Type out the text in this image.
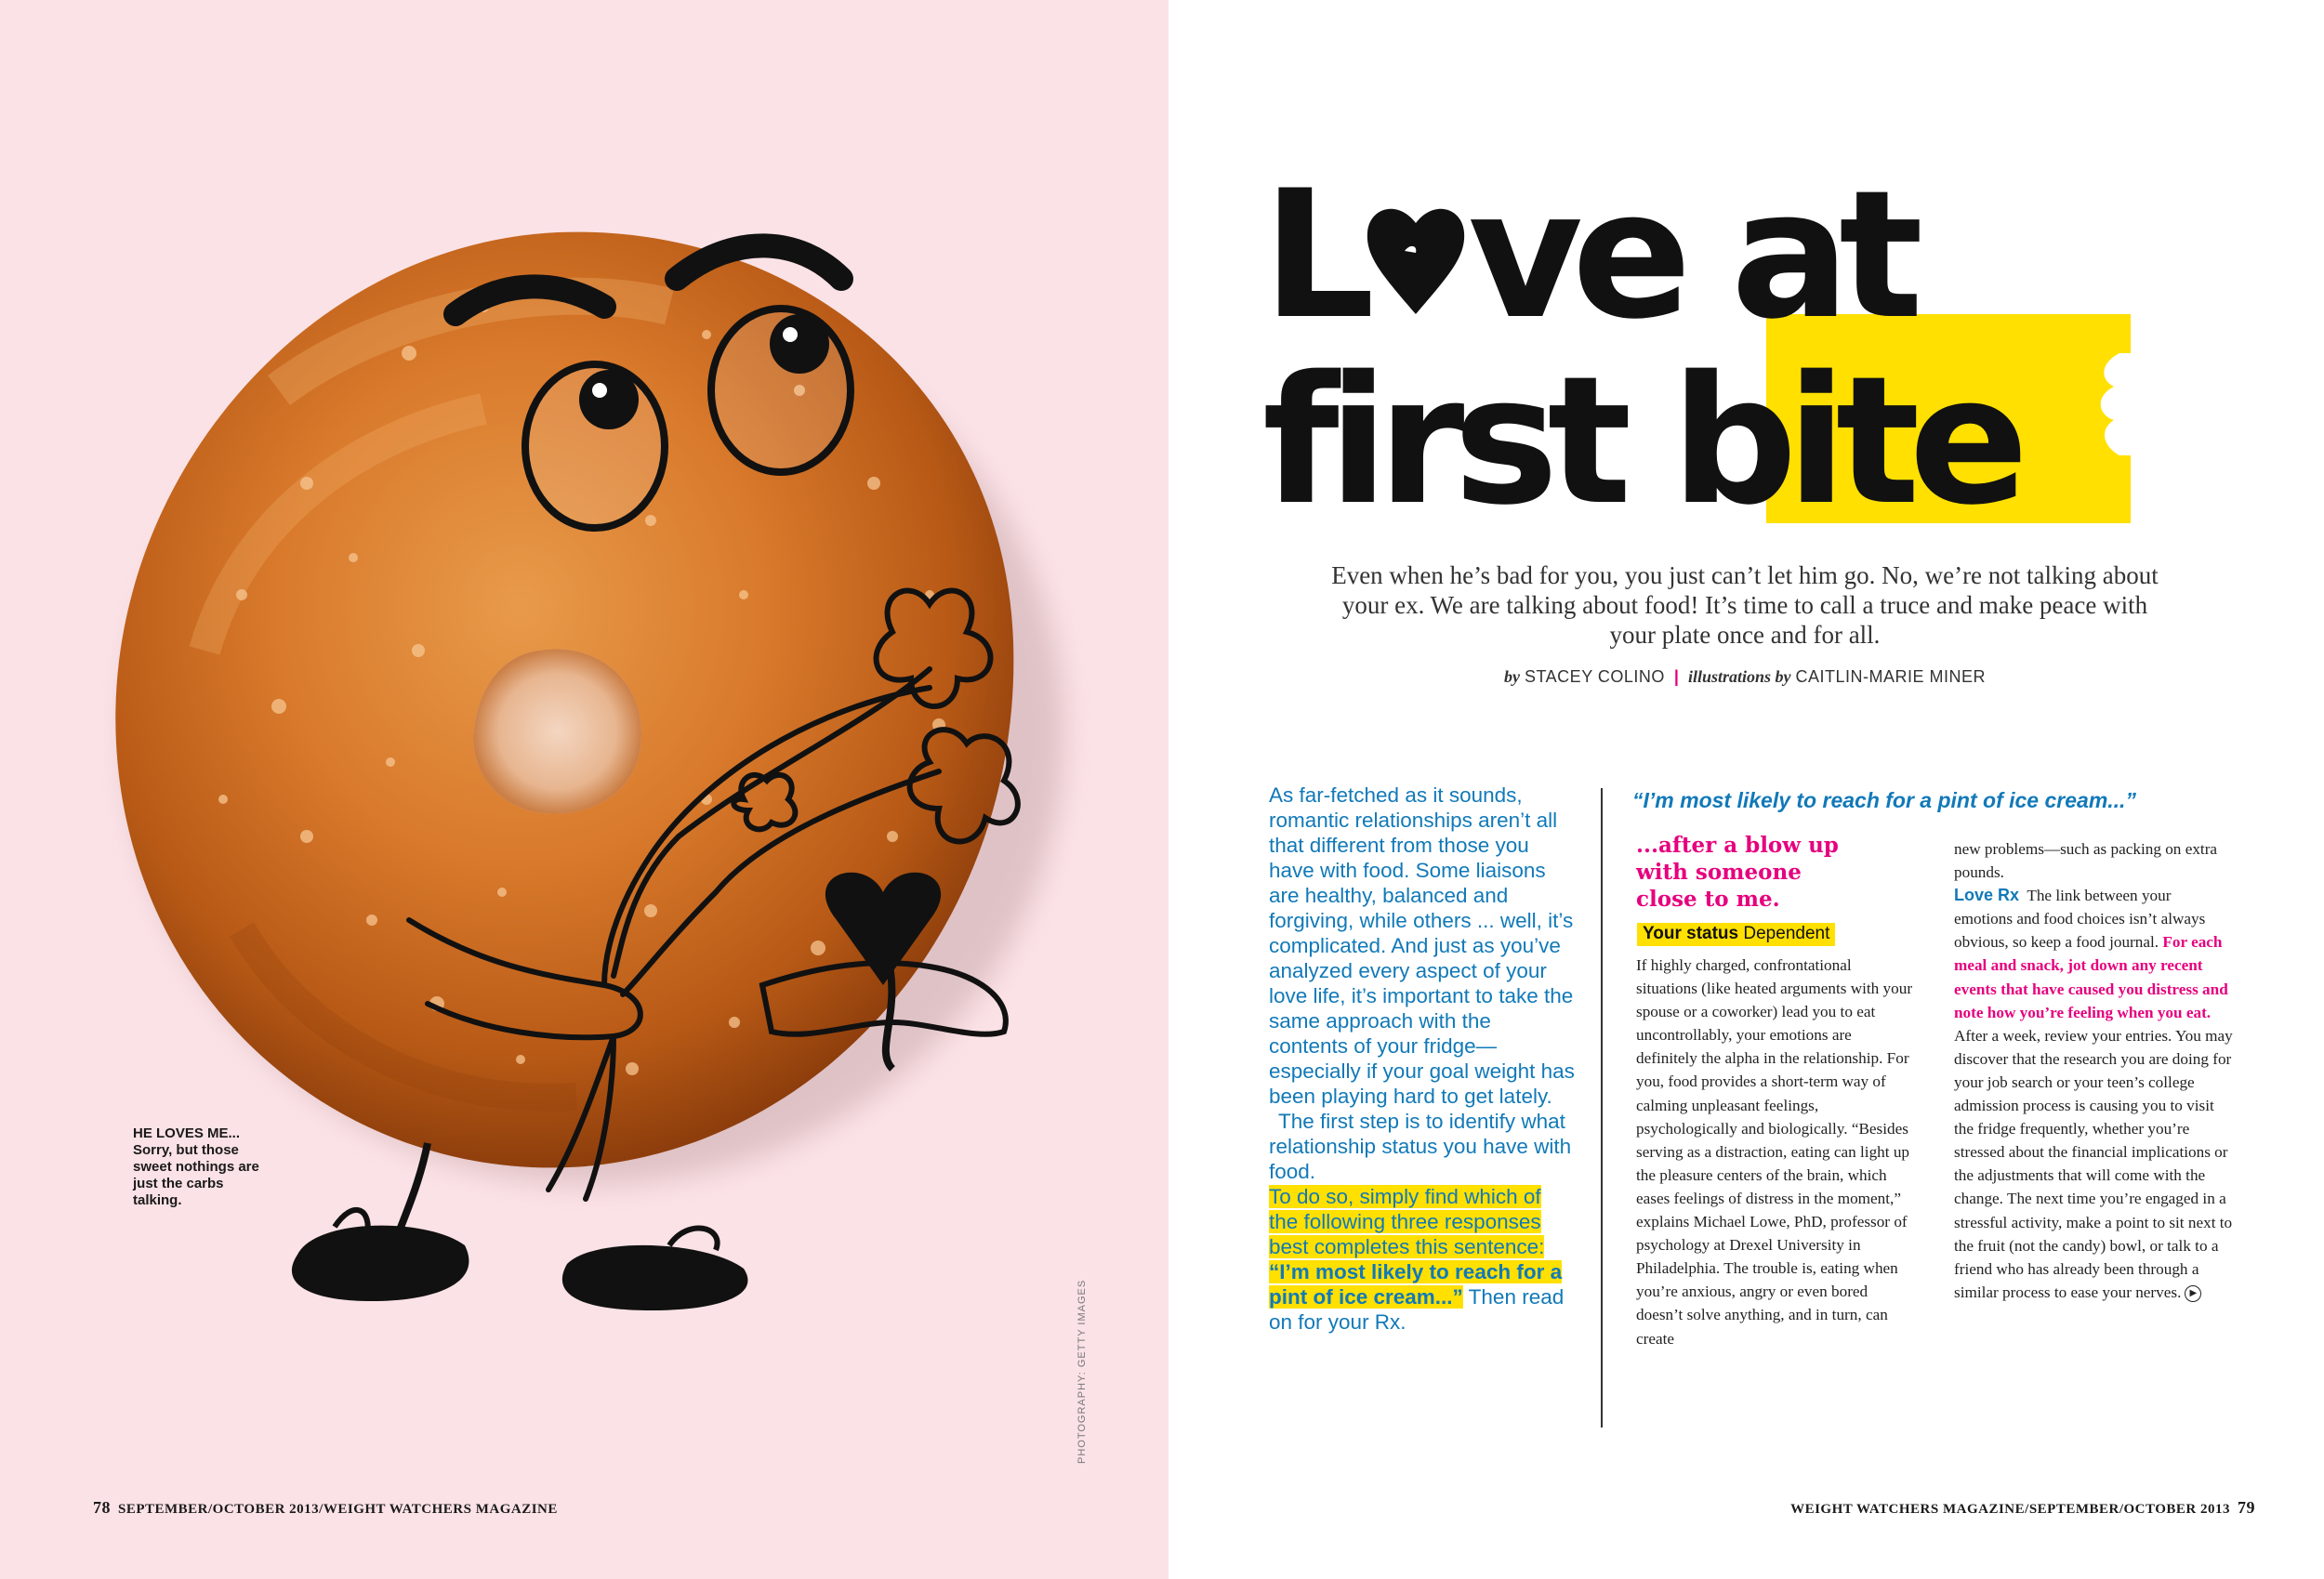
HE LOVES ME...
Sorry, but those sweet nothings are just the carbs talking.
PHOTOGRAPHY: GETTY IMAGES
78 SEPTEMBER/OCTOBER 2013/WEIGHT WATCHERS MAGAZINE
L ve at
first bite
Even when he’s bad for you, you just can’t let him go. No, we’re not talking about your ex. We are talking about food! It’s time to call a truce and make peace with your plate once and for all.
by STACEY COLINO | illustrations by CAITLIN-MARIE MINER

As far-fetched as it sounds, romantic relationships aren’t all that different from those you have with food. Some liaisons are healthy, balanced and forgiving, while others ... well, it’s complicated. And just as you’ve analyzed every aspect of your love life, it’s important to take the same approach with the contents of your fridge—especially if your goal weight has been playing hard to get lately.

The first step is to identify what relationship status you have with food.

To do so, simply find which of the following three responses best completes this sentence: “I’m most likely to reach for a pint of ice cream...” Then read on for your Rx.

“I’m most likely to reach for a pint of ice cream...”
...after a blow up with someone close to me.
Your status Dependent

If highly charged, confrontational situations (like heated arguments with your spouse or a coworker) lead you to eat uncontrollably, your emotions are definitely the alpha in the relationship. For you, food provides a short-term way of calming unpleasant feelings, psychologically and biologically. “Besides serving as a distraction, eating can light up the pleasure centers of the brain, which eases feelings of distress in the moment,” explains Michael Lowe, PhD, professor of psychology at Drexel University in Philadelphia. The trouble is, eating when you’re anxious, angry or even bored doesn’t solve anything, and in turn, can create

new problems—such as packing on extra pounds.
Love Rx The link between your emotions and food choices isn’t always obvious, so keep a food journal. For each meal and snack, jot down any recent events that have caused you distress and note how you’re feeling when you eat. After a week, review your entries. You may discover that the research you are doing for your job search or your teen’s college admission process is causing you to visit the fridge frequently, whether you’re stressed about the financial implications or the adjustments that will come with the change. The next time you’re engaged in a stressful activity, make a point to sit next to the fruit (not the candy) bowl, or talk to a friend who has already been through a similar process to ease your nerves. ▶

WEIGHT WATCHERS MAGAZINE/SEPTEMBER/OCTOBER 2013 79
